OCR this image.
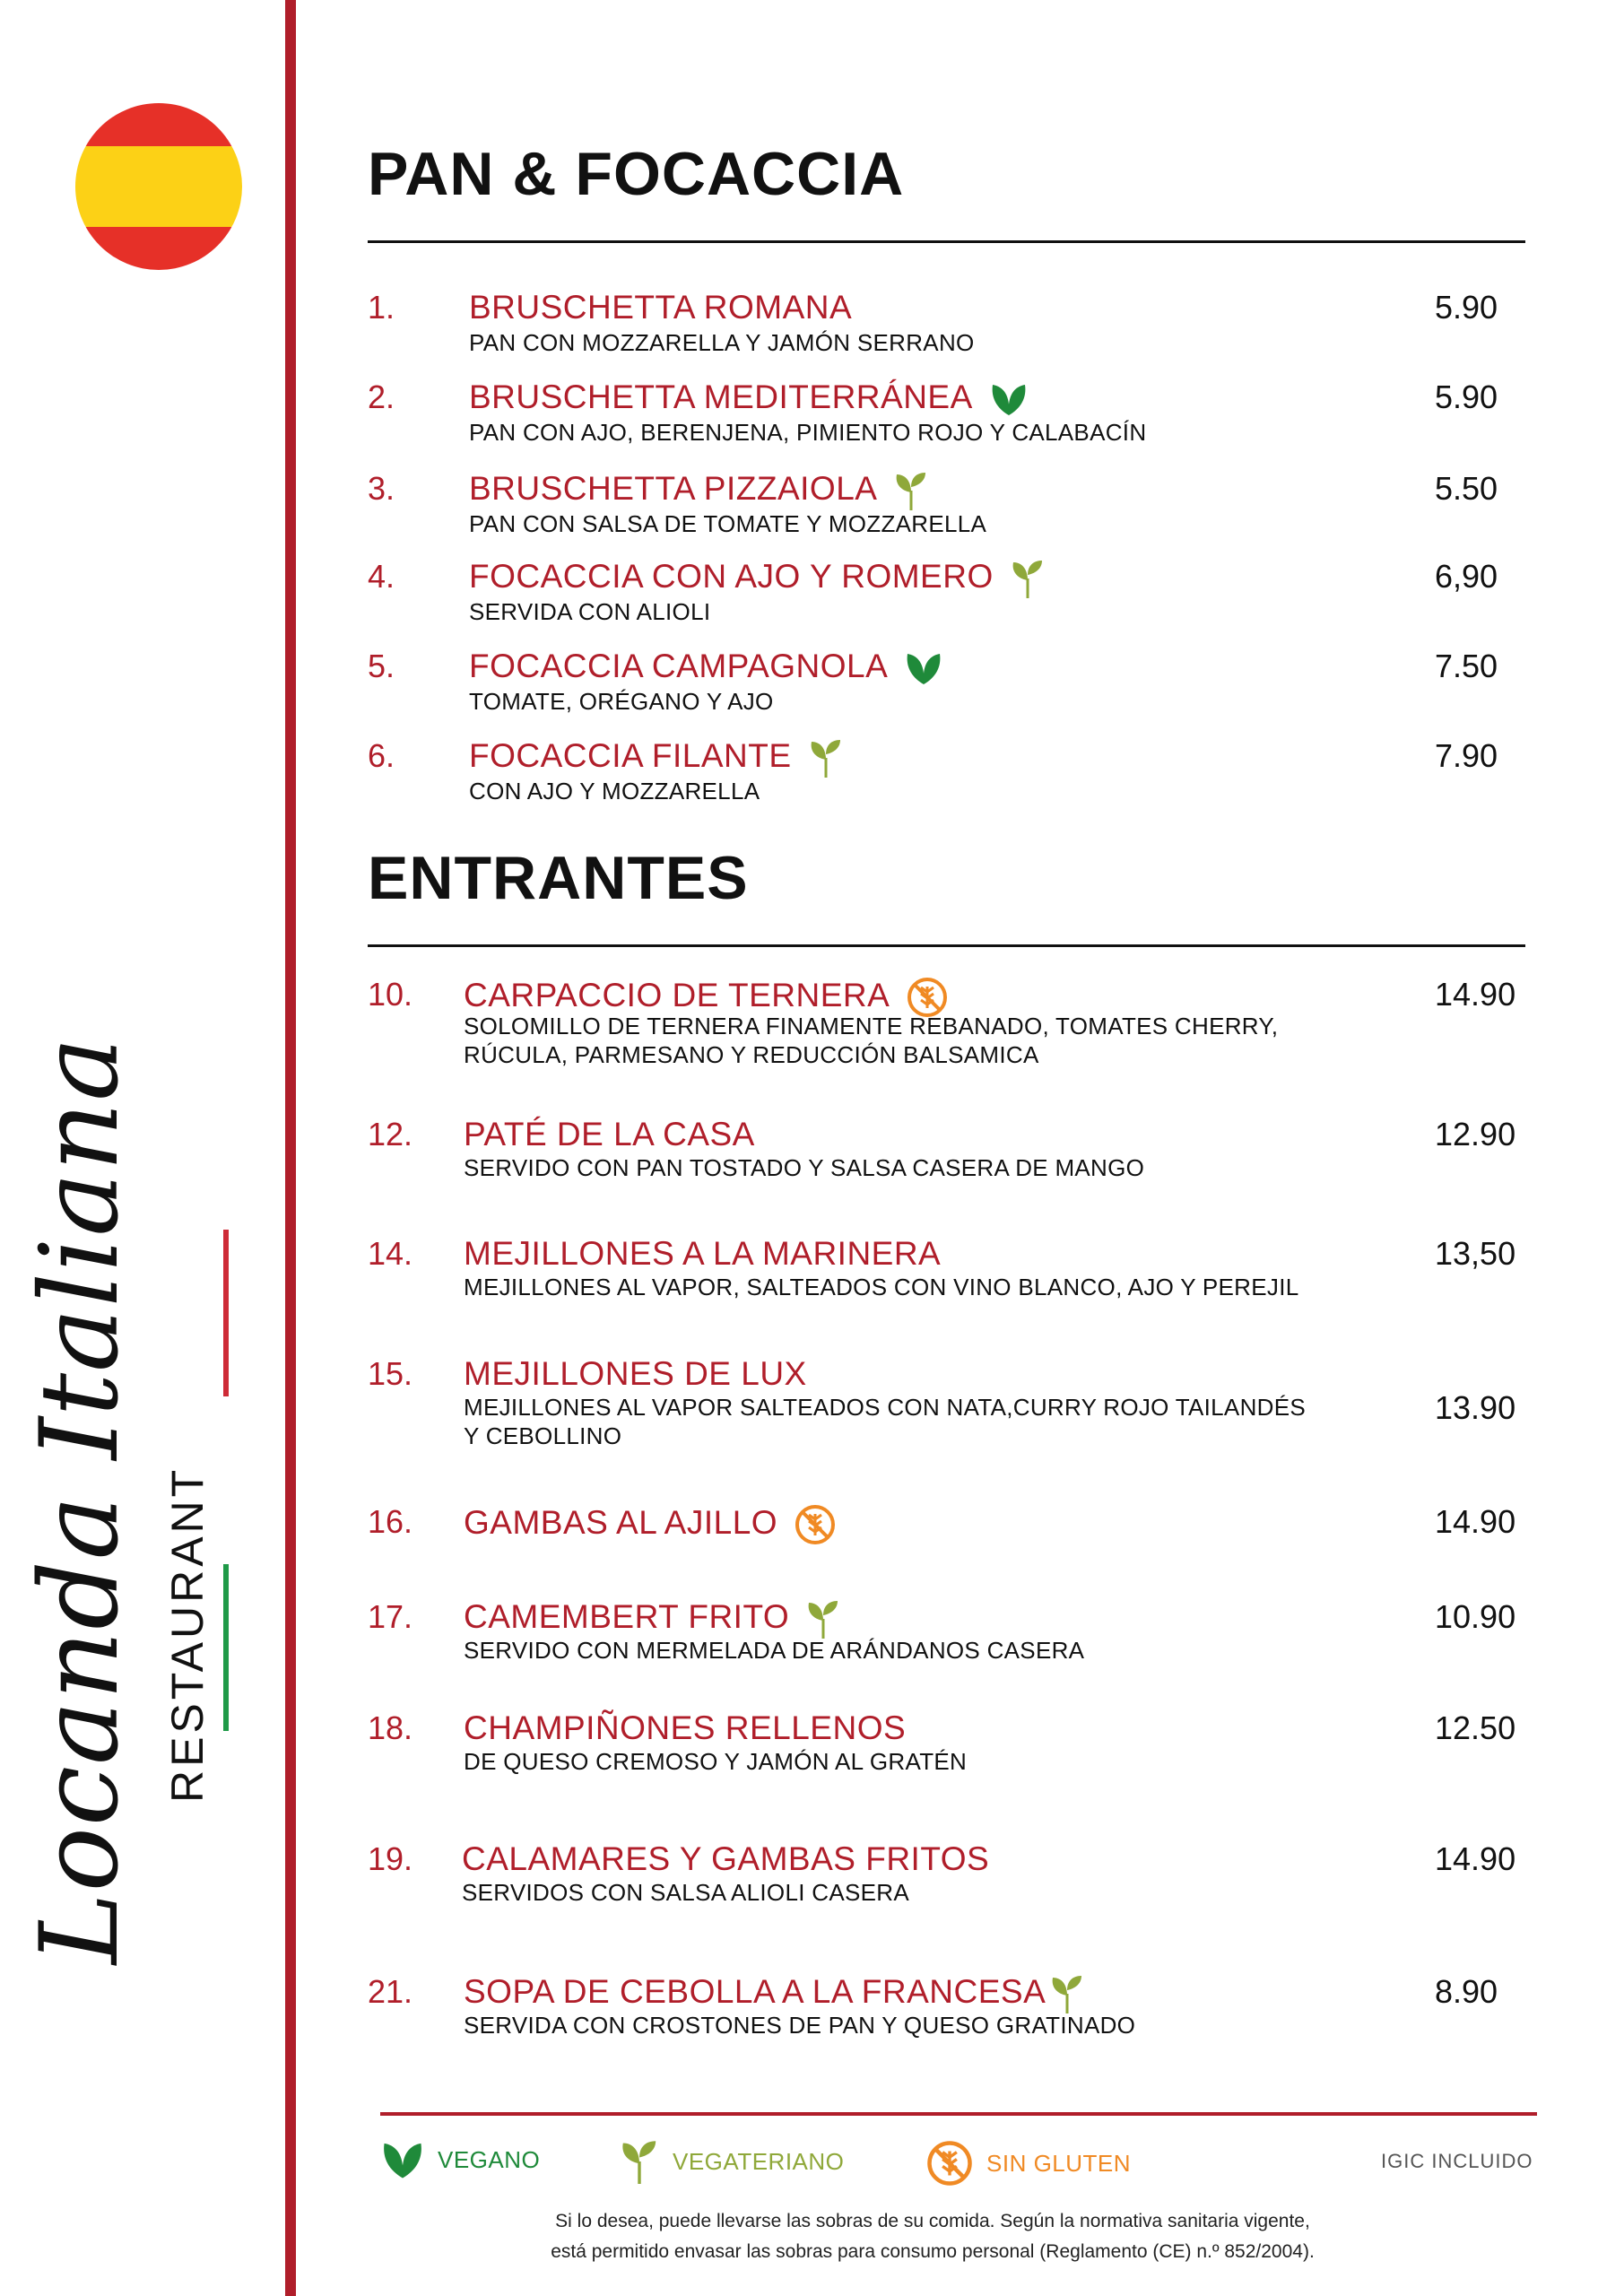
Locanda Italiana RESTAURANT
PAN & FOCACCIA
1. BRUSCHETTA ROMANA
PAN CON MOZZARELLA Y JAMÓN SERRANO
5.90
2. BRUSCHETTA MEDITERRÁNEA
PAN CON AJO, BERENJENA, PIMIENTO ROJO Y CALABACÍN
5.90
3. BRUSCHETTA PIZZAIOLA
PAN CON SALSA DE TOMATE Y MOZZARELLA
5.50
4. FOCACCIA CON AJO Y ROMERO
SERVIDA CON ALIOLI
6,90
5. FOCACCIA CAMPAGNOLA
TOMATE, ORÉGANO Y AJO
7.50
6. FOCACCIA FILANTE
CON AJO Y MOZZARELLA
7.90
ENTRANTES
10. CARPACCIO DE TERNERA
SOLOMILLO DE TERNERA FINAMENTE REBANADO, TOMATES CHERRY,
RÚCULA, PARMESANO Y REDUCCIÓN BALSAMICA
14.90
12. PATÉ DE LA CASA
SERVIDO CON PAN TOSTADO Y SALSA CASERA DE MANGO
12.90
14. MEJILLONES A LA MARINERA
MEJILLONES AL VAPOR, SALTEADOS CON VINO BLANCO, AJO Y PEREJIL
13,50
15. MEJILLONES DE LUX
MEJILLONES AL VAPOR SALTEADOS CON NATA,CURRY ROJO TAILANDÉS
Y CEBOLLINO
13.90
16. GAMBAS AL AJILLO	14.90
17. CAMEMBERT FRITO
SERVIDO CON MERMELADA DE ARÁNDANOS CASERA
10.90
18. CHAMPIÑONES RELLENOS
DE QUESO CREMOSO Y JAMÓN AL GRATÉN
12.50
19. CALAMARES Y GAMBAS FRITOS
SERVIDOS CON SALSA ALIOLI CASERA
14.90
21. SOPA DE CEBOLLA A LA FRANCESA
SERVIDA CON CROSTONES DE PAN Y QUESO GRATINADO
8.90
VEGANO	VEGATERIANO	SIN GLUTEN	IGIC INCLUIDO
Si lo desea, puede llevarse las sobras de su comida. Según la normativa sanitaria vigente,
está permitido envasar las sobras para consumo personal (Reglamento (CE) n.º 852/2004).
